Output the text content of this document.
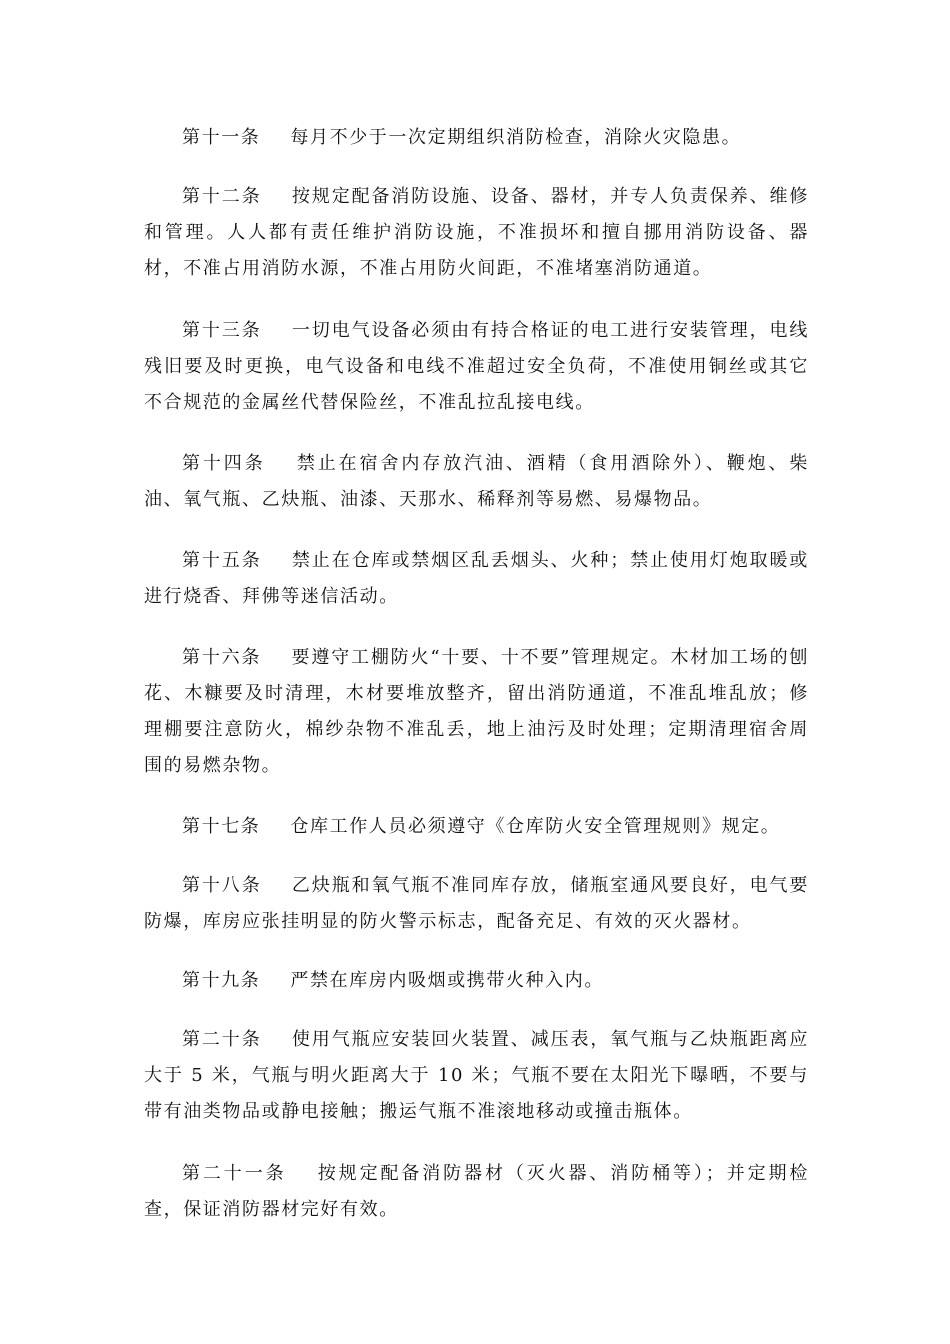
第十一条 每月不少于一次定期组织消防检查，消除火灾隐患。

第十二条 按规定配备消防设施、设备、器材，并专人负责保养、维修和管理。人人都有责任维护消防设施，不准损坏和擅自挪用消防设备、器材，不准占用消防水源，不准占用防火间距，不准堵塞消防通道。

第十三条 一切电气设备必须由有持合格证的电工进行安装管理，电线残旧要及时更换，电气设备和电线不准超过安全负荷，不准使用铜丝或其它不合规范的金属丝代替保险丝，不准乱拉乱接电线。

第十四条 禁止在宿舍内存放汽油、酒精（食用酒除外）、鞭炮、柴油、氧气瓶、乙炔瓶、油漆、天那水、稀释剂等易燃、易爆物品。

第十五条 禁止在仓库或禁烟区乱丢烟头、火种；禁止使用灯炮取暖或进行烧香、拜佛等迷信活动。

第十六条 要遵守工棚防火“十要、十不要”管理规定。木材加工场的刨花、木糠要及时清理，木材要堆放整齐，留出消防通道，不准乱堆乱放；修理棚要注意防火，棉纱杂物不准乱丢，地上油污及时处理；定期清理宿舍周围的易燃杂物。

第十七条 仓库工作人员必须遵守《仓库防火安全管理规则》规定。

第十八条 乙炔瓶和氧气瓶不准同库存放，储瓶室通风要良好，电气要防爆，库房应张挂明显的防火警示标志，配备充足、有效的灭火器材。

第十九条 严禁在库房内吸烟或携带火种入内。

第二十条 使用气瓶应安装回火装置、减压表，氧气瓶与乙炔瓶距离应大于 5 米，气瓶与明火距离大于 10 米；气瓶不要在太阳光下曝晒，不要与带有油类物品或静电接触；搬运气瓶不准滚地移动或撞击瓶体。

第二十一条 按规定配备消防器材（灭火器、消防桶等）；并定期检查，保证消防器材完好有效。
